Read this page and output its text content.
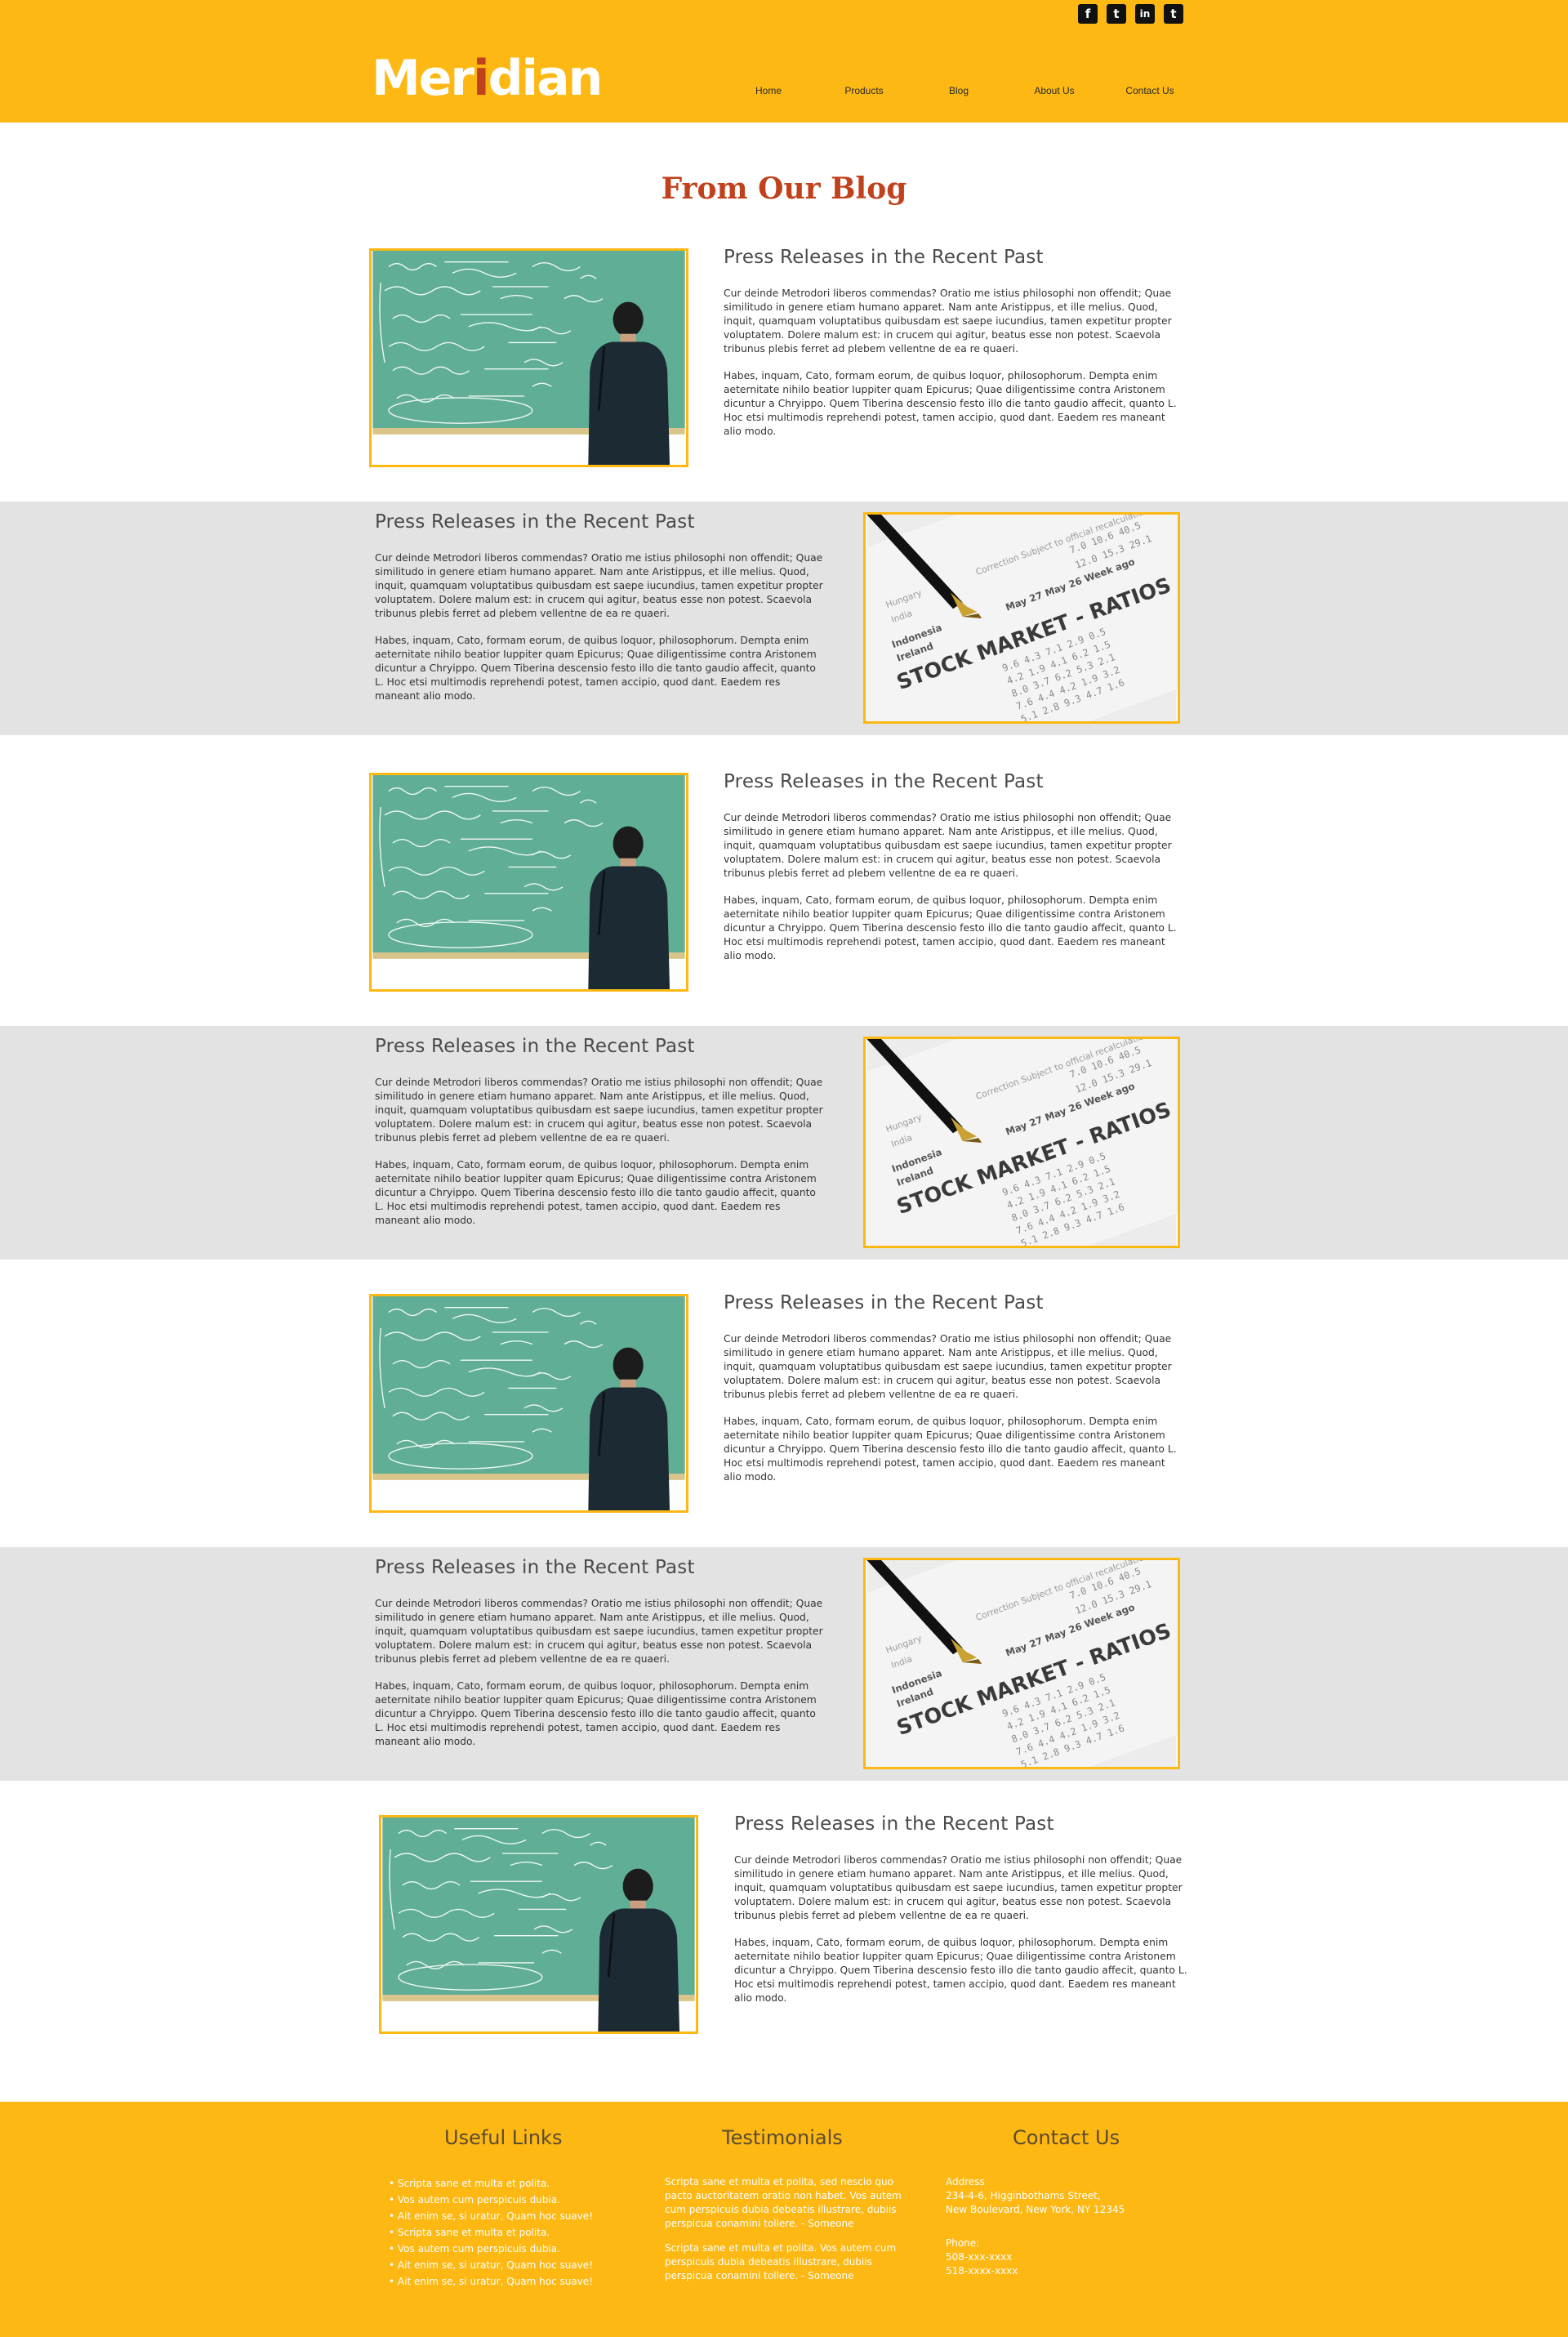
f	t	in	t
Meridian	Home	Products	Blog	About Us	Contact Us
From Our Blog
Press Releases in the Recent Past

Cur deinde Metrodori liberos commendas? Oratio me istius philosophi non offendit; Quae similitudo in genere etiam humano apparet. Nam ante Aristippus, et ille melius. Quod, inquit, quamquam voluptatibus quibusdam est saepe iucundius, tamen expetitur propter voluptatem. Dolere malum est: in crucem qui agitur, beatus esse non potest. Scaevola tribunus plebis ferret ad plebem vellentne de ea re quaeri.

Habes, inquam, Cato, formam eorum, de quibus loquor, philosophorum. Dempta enim aeternitate nihilo beatior Iuppiter quam Epicurus; Quae diligentissime contra Aristonem dicuntur a Chryippo. Quem Tiberina descensio festo illo die tanto gaudio affecit, quanto L. Hoc etsi multimodis reprehendi potest, tamen accipio, quod dant. Eaedem res maneant alio modo.

Press Releases in the Recent Past

Cur deinde Metrodori liberos commendas? Oratio me istius philosophi non offendit; Quae similitudo in genere etiam humano apparet. Nam ante Aristippus, et ille melius. Quod, inquit, quamquam voluptatibus quibusdam est saepe iucundius, tamen expetitur propter voluptatem. Dolere malum est: in crucem qui agitur, beatus esse non potest. Scaevola tribunus plebis ferret ad plebem vellentne de ea re quaeri.

Habes, inquam, Cato, formam eorum, de quibus loquor, philosophorum. Dempta enim aeternitate nihilo beatior Iuppiter quam Epicurus; Quae diligentissime contra Aristonem dicuntur a Chryippo. Quem Tiberina descensio festo illo die tanto gaudio affecit, quanto L. Hoc etsi multimodis reprehendi potest, tamen accipio, quod dant. Eaedem res maneant alio modo.

Press Releases in the Recent Past

Cur deinde Metrodori liberos commendas? Oratio me istius philosophi non offendit; Quae similitudo in genere etiam humano apparet. Nam ante Aristippus, et ille melius. Quod, inquit, quamquam voluptatibus quibusdam est saepe iucundius, tamen expetitur propter voluptatem. Dolere malum est: in crucem qui agitur, beatus esse non potest. Scaevola tribunus plebis ferret ad plebem vellentne de ea re quaeri.

Habes, inquam, Cato, formam eorum, de quibus loquor, philosophorum. Dempta enim aeternitate nihilo beatior Iuppiter quam Epicurus; Quae diligentissime contra Aristonem dicuntur a Chryippo. Quem Tiberina descensio festo illo die tanto gaudio affecit, quanto L. Hoc etsi multimodis reprehendi potest, tamen accipio, quod dant. Eaedem res maneant alio modo.

Press Releases in the Recent Past

Cur deinde Metrodori liberos commendas? Oratio me istius philosophi non offendit; Quae similitudo in genere etiam humano apparet. Nam ante Aristippus, et ille melius. Quod, inquit, quamquam voluptatibus quibusdam est saepe iucundius, tamen expetitur propter voluptatem. Dolere malum est: in crucem qui agitur, beatus esse non potest. Scaevola tribunus plebis ferret ad plebem vellentne de ea re quaeri.

Habes, inquam, Cato, formam eorum, de quibus loquor, philosophorum. Dempta enim aeternitate nihilo beatior Iuppiter quam Epicurus; Quae diligentissime contra Aristonem dicuntur a Chryippo. Quem Tiberina descensio festo illo die tanto gaudio affecit, quanto L. Hoc etsi multimodis reprehendi potest, tamen accipio, quod dant. Eaedem res maneant alio modo.

Press Releases in the Recent Past

Cur deinde Metrodori liberos commendas? Oratio me istius philosophi non offendit; Quae similitudo in genere etiam humano apparet. Nam ante Aristippus, et ille melius. Quod, inquit, quamquam voluptatibus quibusdam est saepe iucundius, tamen expetitur propter voluptatem. Dolere malum est: in crucem qui agitur, beatus esse non potest. Scaevola tribunus plebis ferret ad plebem vellentne de ea re quaeri.

Habes, inquam, Cato, formam eorum, de quibus loquor, philosophorum. Dempta enim aeternitate nihilo beatior Iuppiter quam Epicurus; Quae diligentissime contra Aristonem dicuntur a Chryippo. Quem Tiberina descensio festo illo die tanto gaudio affecit, quanto L. Hoc etsi multimodis reprehendi potest, tamen accipio, quod dant. Eaedem res maneant alio modo.

Press Releases in the Recent Past

Cur deinde Metrodori liberos commendas? Oratio me istius philosophi non offendit; Quae similitudo in genere etiam humano apparet. Nam ante Aristippus, et ille melius. Quod, inquit, quamquam voluptatibus quibusdam est saepe iucundius, tamen expetitur propter voluptatem. Dolere malum est: in crucem qui agitur, beatus esse non potest. Scaevola tribunus plebis ferret ad plebem vellentne de ea re quaeri.

Habes, inquam, Cato, formam eorum, de quibus loquor, philosophorum. Dempta enim aeternitate nihilo beatior Iuppiter quam Epicurus; Quae diligentissime contra Aristonem dicuntur a Chryippo. Quem Tiberina descensio festo illo die tanto gaudio affecit, quanto L. Hoc etsi multimodis reprehendi potest, tamen accipio, quod dant. Eaedem res maneant alio modo.

Press Releases in the Recent Past

Cur deinde Metrodori liberos commendas? Oratio me istius philosophi non offendit; Quae similitudo in genere etiam humano apparet. Nam ante Aristippus, et ille melius. Quod, inquit, quamquam voluptatibus quibusdam est saepe iucundius, tamen expetitur propter voluptatem. Dolere malum est: in crucem qui agitur, beatus esse non potest. Scaevola tribunus plebis ferret ad plebem vellentne de ea re quaeri.

Habes, inquam, Cato, formam eorum, de quibus loquor, philosophorum. Dempta enim aeternitate nihilo beatior Iuppiter quam Epicurus; Quae diligentissime contra Aristonem dicuntur a Chryippo. Quem Tiberina descensio festo illo die tanto gaudio affecit, quanto L. Hoc etsi multimodis reprehendi potest, tamen accipio, quod dant. Eaedem res maneant alio modo.

Useful Links
• Scripta sane et multa et polita.
• Vos autem cum perspicuis dubia.
• Ait enim se, si uratur, Quam hoc suave!
• Scripta sane et multa et polita.
• Vos autem cum perspicuis dubia.
• Ait enim se, si uratur, Quam hoc suave!
• Ait enim se, si uratur, Quam hoc suave!
Testimonials

Scripta sane et multa et polita, sed nescio quo pacto auctoritatem oratio non habet. Vos autem cum perspicuis dubia debeatis illustrare, dubiis perspicua conamini tollere. - Someone

Scripta sane et multa et polita. Vos autem cum perspicuis dubia debeatis illustrare, dubiis perspicua conamini tollere. - Someone

Contact Us

Address
234-4-6, Higginbothams Street,
New Boulevard, New York, NY 12345

Phone:
508-xxx-xxxx
518-xxxx-xxxx
